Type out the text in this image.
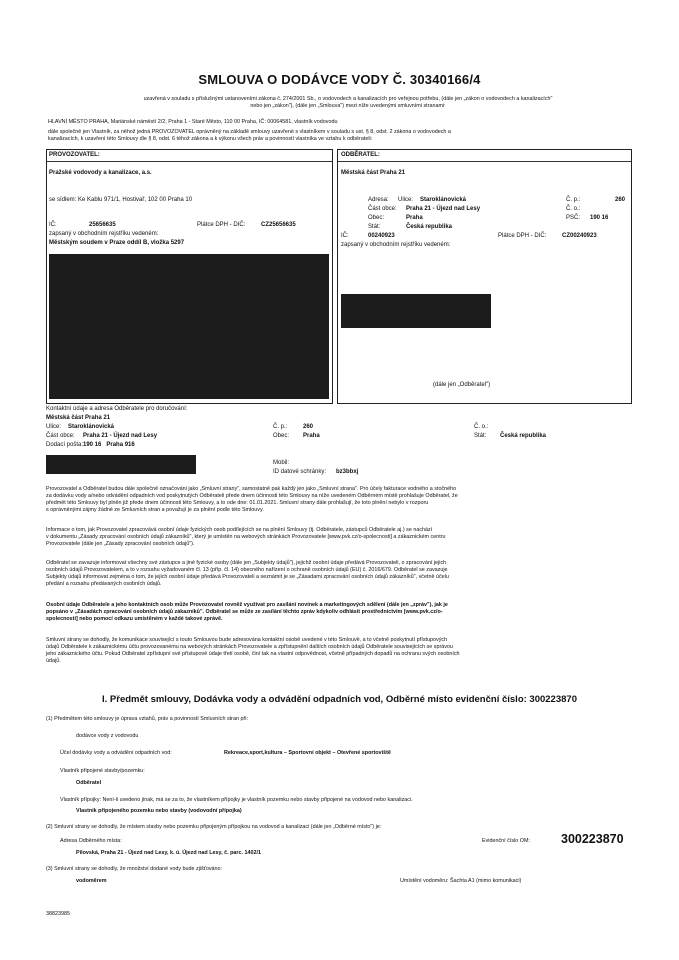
SMLOUVA O DODÁVCE VODY Č. 30340166/4

uzavřená v souladu s příslušnými ustanoveními zákona č. 274/2001 Sb., o vodovodech a kanalizacích pro veřejnou potřebu, (dále jen „zákon o vodovodech a kanalizacích"

nebo jen „zákon"), (dále jen „Smlouva") mezi níže uvedenými smluvními stranami:

HLAVNÍ MĚSTO PRAHA, Mariánské náměstí 2/2, Praha 1 - Staré Město, 110 00 Praha, IČ: 00064581, vlastník vodovodu

dále společně jen Vlastník, za něhož jedná PROVOZOVATEL oprávněný na základě smlouvy uzavřené s vlastníkem v souladu s ust. § 8, odst. 2 zákona o vodovodech a

kanalizacích, k uzavření této Smlouvy dle § 8, odst. 6 téhož zákona a k výkonu všech práv a povinností vlastníka ve vztahu k odběrateli:

PROVOZOVATEL:
Pražské vodovody a kanalizace, a.s.
se sídlem: Ke Kablu 971/1, Hostivař, 102 00 Praha 10
IČ:	25656635	Plátce DPH - DIČ:	CZ25656635
zapsaný v obchodním rejstříku vedeném:
Městským soudem v Praze oddíl B, vložka 5297
ODBĚRATEL:
Městská část Praha 21
Adresa: Ulice: Staroklánovická	Č. p.:	260
Část obce: Praha 21 - Újezd nad Lesy	Č. o.:
Obec:	Praha	PSČ: 190 16
Stát:	Česká republika
IČ:	00240923	Plátce DPH - DIČ:	CZ00240923
zapsaný v obchodním rejstříku vedeném:
(dále jen „Odběratel")
Kontaktní údaje a adresa Odběratele pro doručování:
Městská část Praha 21
Ulice: Staroklánovická	Č. p.:	260	Č. o.:
Část obce: Praha 21 - Újezd nad Lesy	Obec: Praha	Stát: Česká republika
Dodací pošta: 190 16   Praha 916
Mobil:
ID datové schránky: bz3bbxj

Provozovatel a Odběratel budou dále společně označováni jako „Smluvní strany", samostatně pak každý jen jako „Smluvní strana". Pro účely fakturace vodného a stočného

za dodávku vody a/nebo odvádění odpadních vod poskytnutých Odběrateli přede dnem účinnosti této Smlouvy na níže uvedeném Odběrném místě prohlašuje Odběratel, že

předmět této Smlouvy byl plněn již přede dnem účinnosti této Smlouvy, a to ode dne: 01.01.2021. Smluvní strany dále prohlašují, že toto plnění nebylo v rozporu

s oprávněnými zájmy žádné ze Smluvních stran a považují je za plnění podle této Smlouvy.

Informace o tom, jak Provozovatel zpracovává osobní údaje fyzických osob podílejících se na plnění Smlouvy (tj. Odběratele, zástupců Odběratele aj.) se nachází

v dokumentu „Zásady zpracování osobních údajů zákazníků", který je umístěn na webových stránkách Provozovatele [www.pvk.cz/o-spolecnosti] a zákaznickém centru

Provozovatele (dále jen „Zásady zpracování osobních údajů").

Odběratel se zavazuje informovat všechny své zástupce a jiné fyzické osoby (dále jen „Subjekty údajů"), jejichž osobní údaje předává Provozovateli, o zpracování jejich

osobních údajů Provozovatelem, a to v rozsahu vyžadovaném čl. 13 (příp. čl. 14) obecného nařízení o ochraně osobních údajů (EU) č. 2016/679. Odběratel se zavazuje

Subjekty údajů informovat zejména o tom, že jejich osobní údaje předává Provozovateli a seznámit je se „Zásadami zpracování osobních údajů zákazníků", včetně účelu

předání a rozsahu předávaných osobních údajů.

Osobní údaje Odběratele a jeho kontaktních osob může Provozovatel rovněž využívat pro zasílání novinek a marketingových sdělení (dále jen „zpráv"), jak je

popsáno v „Zásadách zpracování osobních údajů zákazníků". Odběratel se může ze zasílání těchto zpráv kdykoliv odhlásit prostřednictvím [www.pvk.cz/o-

spolecnosti] nebo pomocí odkazu umístěném v každé takové zprávě.

Smluvní strany se dohodly, že komunikace související s touto Smlouvou bude adresována kontaktní osobě uvedené v této Smlouvě, a to včetně poskytnutí přístupových

údajů Odběratele k zákaznickému účtu provozovanému na webových stránkách Provozovatele a zpřístupnění dalších osobních údajů Odběratele souvisejících se správou

jeho zákaznického účtu. Pokud Odběratel zpřístupní své přístupové údaje třetí osobě, činí tak na vlastní odpovědnost, včetně případných dopadů na ochranu svých osobních

údajů.

I. Předmět smlouvy, Dodávka vody a odvádění odpadních vod, Odběrné místo evidenční číslo: 300223870
(1) Předmětem této smlouvy je úprava vztahů, práv a povinností Smluvních stran při:
dodávce vody z vodovodu
Účel dodávky vody a odvádění odpadních vod:	Rekreace,sport,kultura – Sportovní objekt – Otevřené sportoviště
Vlastník připojené stavby/pozemku:
Odběratel
Vlastník přípojky: Není-li uvedeno jinak, má se za to, že vlastníkem přípojky je vlastník pozemku nebo stavby připojené na vodovod nebo kanalizaci.
Vlastník připojeného pozemku nebo stavby (vodovodní přípojka)
(2) Smluvní strany se dohodly, že místem stavby nebo pozemku připojeným přípojkou na vodovod a kanalizaci (dále jen „Odběrné místo") je:
Adresa Odběrného místa:	Evidenční číslo OM: 300223870
Pilovská, Praha 21 - Újezd nad Lesy, k. ú. Újezd nad Lesy, č. parc. 1402/1
(3) Smluvní strany se dohodly, že množství dodané vody bude zjišťováno:
vodoměrem	Umístění vodoměru: Šachta A1 (mimo komunikaci)
38823985
